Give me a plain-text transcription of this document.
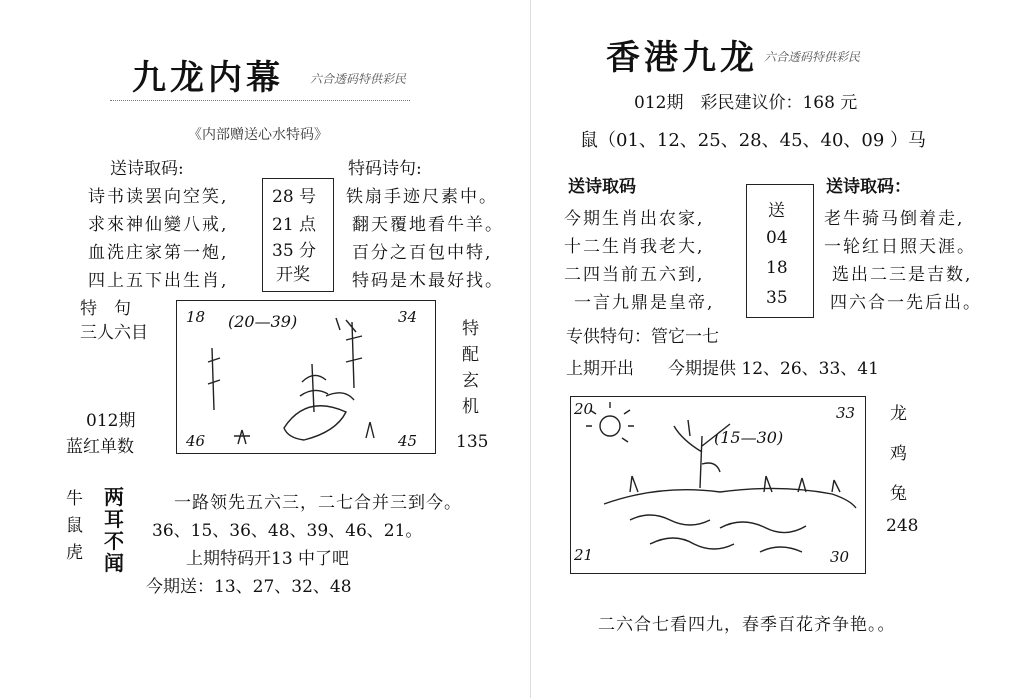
九龙内幕 六合透码特供彩民
《内部赠送心水特码》
送诗取码:	特码诗句:
诗书读罢向空笑,
求來神仙變八戒,
血洗庄家第一炮,
四上五下出生肖,
28 号
21 点
35 分
开奖
铁扇手迹尺素中。
翻天覆地看牛羊。
百分之百包中特,
特码是木最好找。
特　句
三人六目
18 (20—39)	34
46	45
特
配
玄
机
012期
蓝红单数	135
牛
鼠
虎
两
耳
不
闻
一路领先五六三，二七合并三到今。
36、15、36、48、39、46、21。
上期特码开13 中了吧
今期送：13、27、32、48
香港九龙 六合透码特供彩民
012期　彩民建议价：168 元
鼠（01、12、25、28、45、40、09 ）马
送诗取码	送诗取码：
今期生肖出农家,
十二生肖我老大,
二四当前五六到,
一言九鼎是皇帝,
送
04
18
35
老牛骑马倒着走,
一轮红日照天涯。
选出二三是吉数,
四六合一先后出。
专供特句：管它一七
上期开出　　今期提供 12、26、33、41
20
(15—30)
33
21	30
龙
鸡
兔
248
二六合七看四九，春季百花齐争艳。。
